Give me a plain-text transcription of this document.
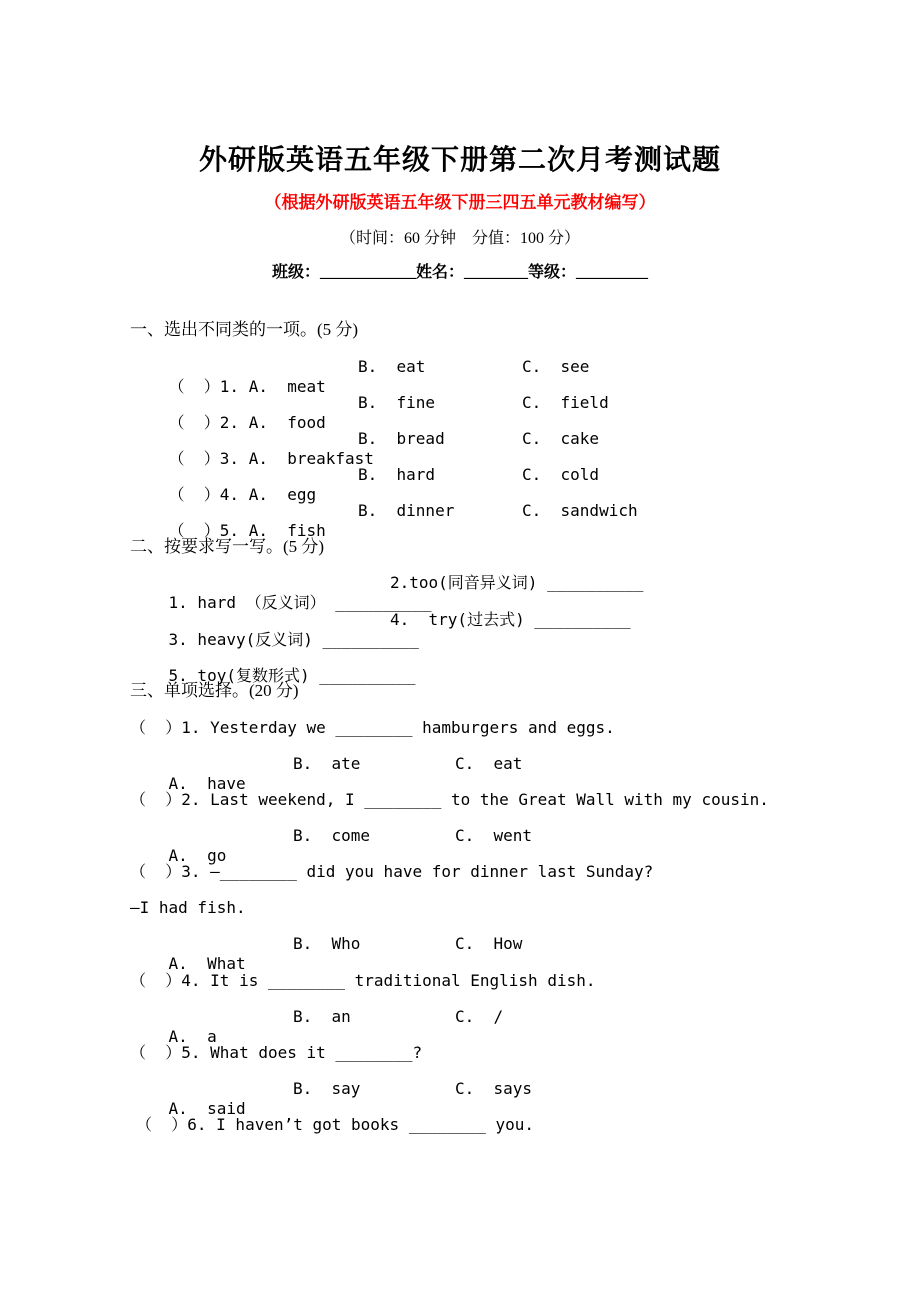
外研版英语五年级下册第二次月考测试题
（根据外研版英语五年级下册三四五单元教材编写）
（时间：60 分钟    分值：100 分）
班级：____________姓名：________等级：_________
一、选出不同类的一项。(5 分)

（  ）1. A.  meat

B.  eat

	C.  see

（  ）2. A.  food

B.  fine

	C.  field

（  ）3. A.  breakfast

B.  bread

	C.  cake

（  ）4. A.  egg

B.  hard

	C.  cold

（  ）5. A.  fish

B.  dinner

	C.  sandwich

二、按要求写一写。(5 分)

1. hard （反义词） __________

2.too(同音异义词) __________

3. heavy(反义词) __________

4.  try(过去式) __________

5. toy(复数形式) __________

三、单项选择。(20 分)
（  ）1. Yesterday we ________ hamburgers and eggs.

A.  have

B.  ate

	C.  eat

（  ）2. Last weekend, I ________ to the Great Wall with my cousin.

A.  go

B.  come

	C.  went

（  ）3. —________ did you have for dinner last Sunday?
—I had fish.

A.  What

B.  Who

	C.  How

（  ）4. It is ________ traditional English dish.

A.  a

B.  an

	C.  /

（  ）5. What does it ________?

A.  said

B.  say

	C.  says

（  ）6. I haven’t got books ________ you.
